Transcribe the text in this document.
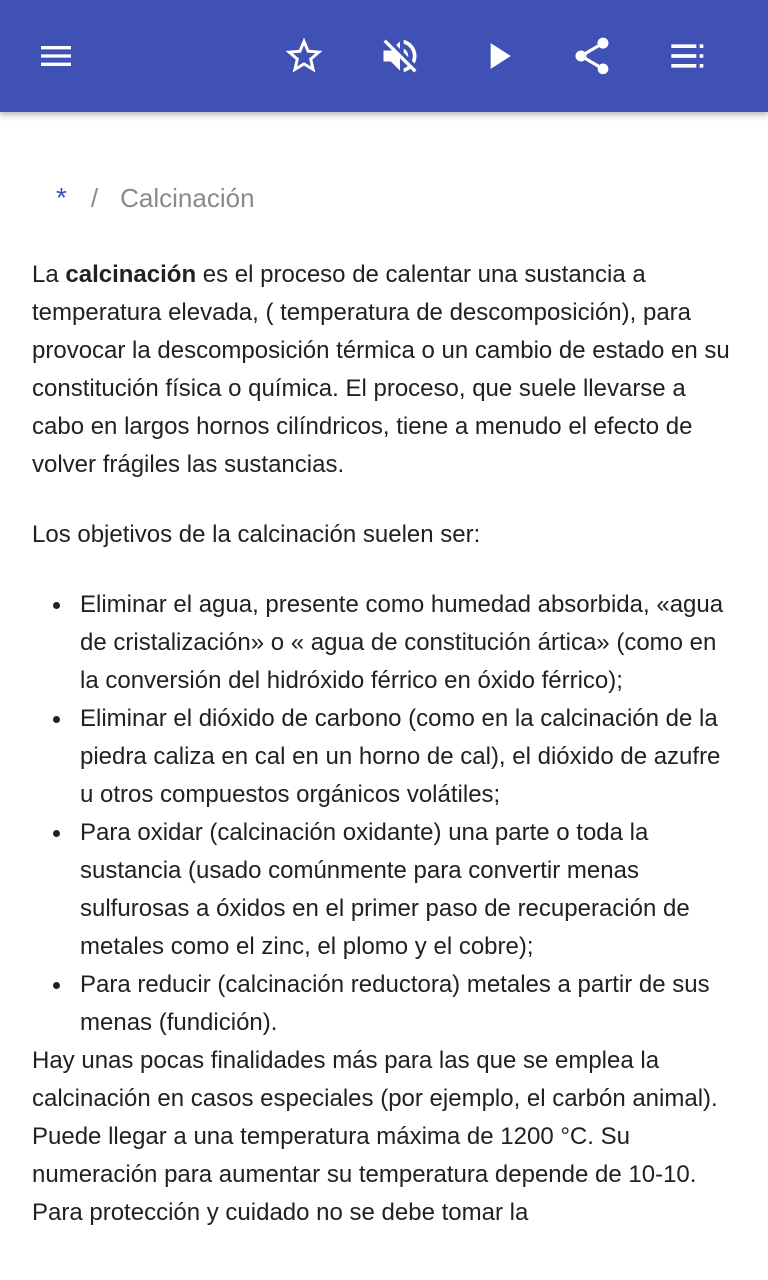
* / Calcinación

La calcinación es el proceso de calentar una sustancia a temperatura elevada, ( temperatura de descomposición), para provocar la descomposición térmica o un cambio de estado en su constitución física o química. El proceso, que suele llevarse a cabo en largos hornos cilíndricos, tiene a menudo el efecto de volver frágiles las sustancias.

Los objetivos de la calcinación suelen ser:

Eliminar el agua, presente como humedad absorbida, «agua de cristalización» o « agua de constitución ártica» (como en la conversión del hidróxido férrico en óxido férrico);
Eliminar el dióxido de carbono (como en la calcinación de la piedra caliza en cal en un horno de cal), el dióxido de azufre u otros compuestos orgánicos volátiles;
Para oxidar (calcinación oxidante) una parte o toda la sustancia (usado comúnmente para convertir menas sulfurosas a óxidos en el primer paso de recuperación de metales como el zinc, el plomo y el cobre);
Para reducir (calcinación reductora) metales a partir de sus menas (fundición).

Hay unas pocas finalidades más para las que se emplea la calcinación en casos especiales (por ejemplo, el carbón animal). Puede llegar a una temperatura máxima de 1200 °C. Su numeración para aumentar su temperatura depende de 10-10. Para protección y cuidado no se debe tomar la
